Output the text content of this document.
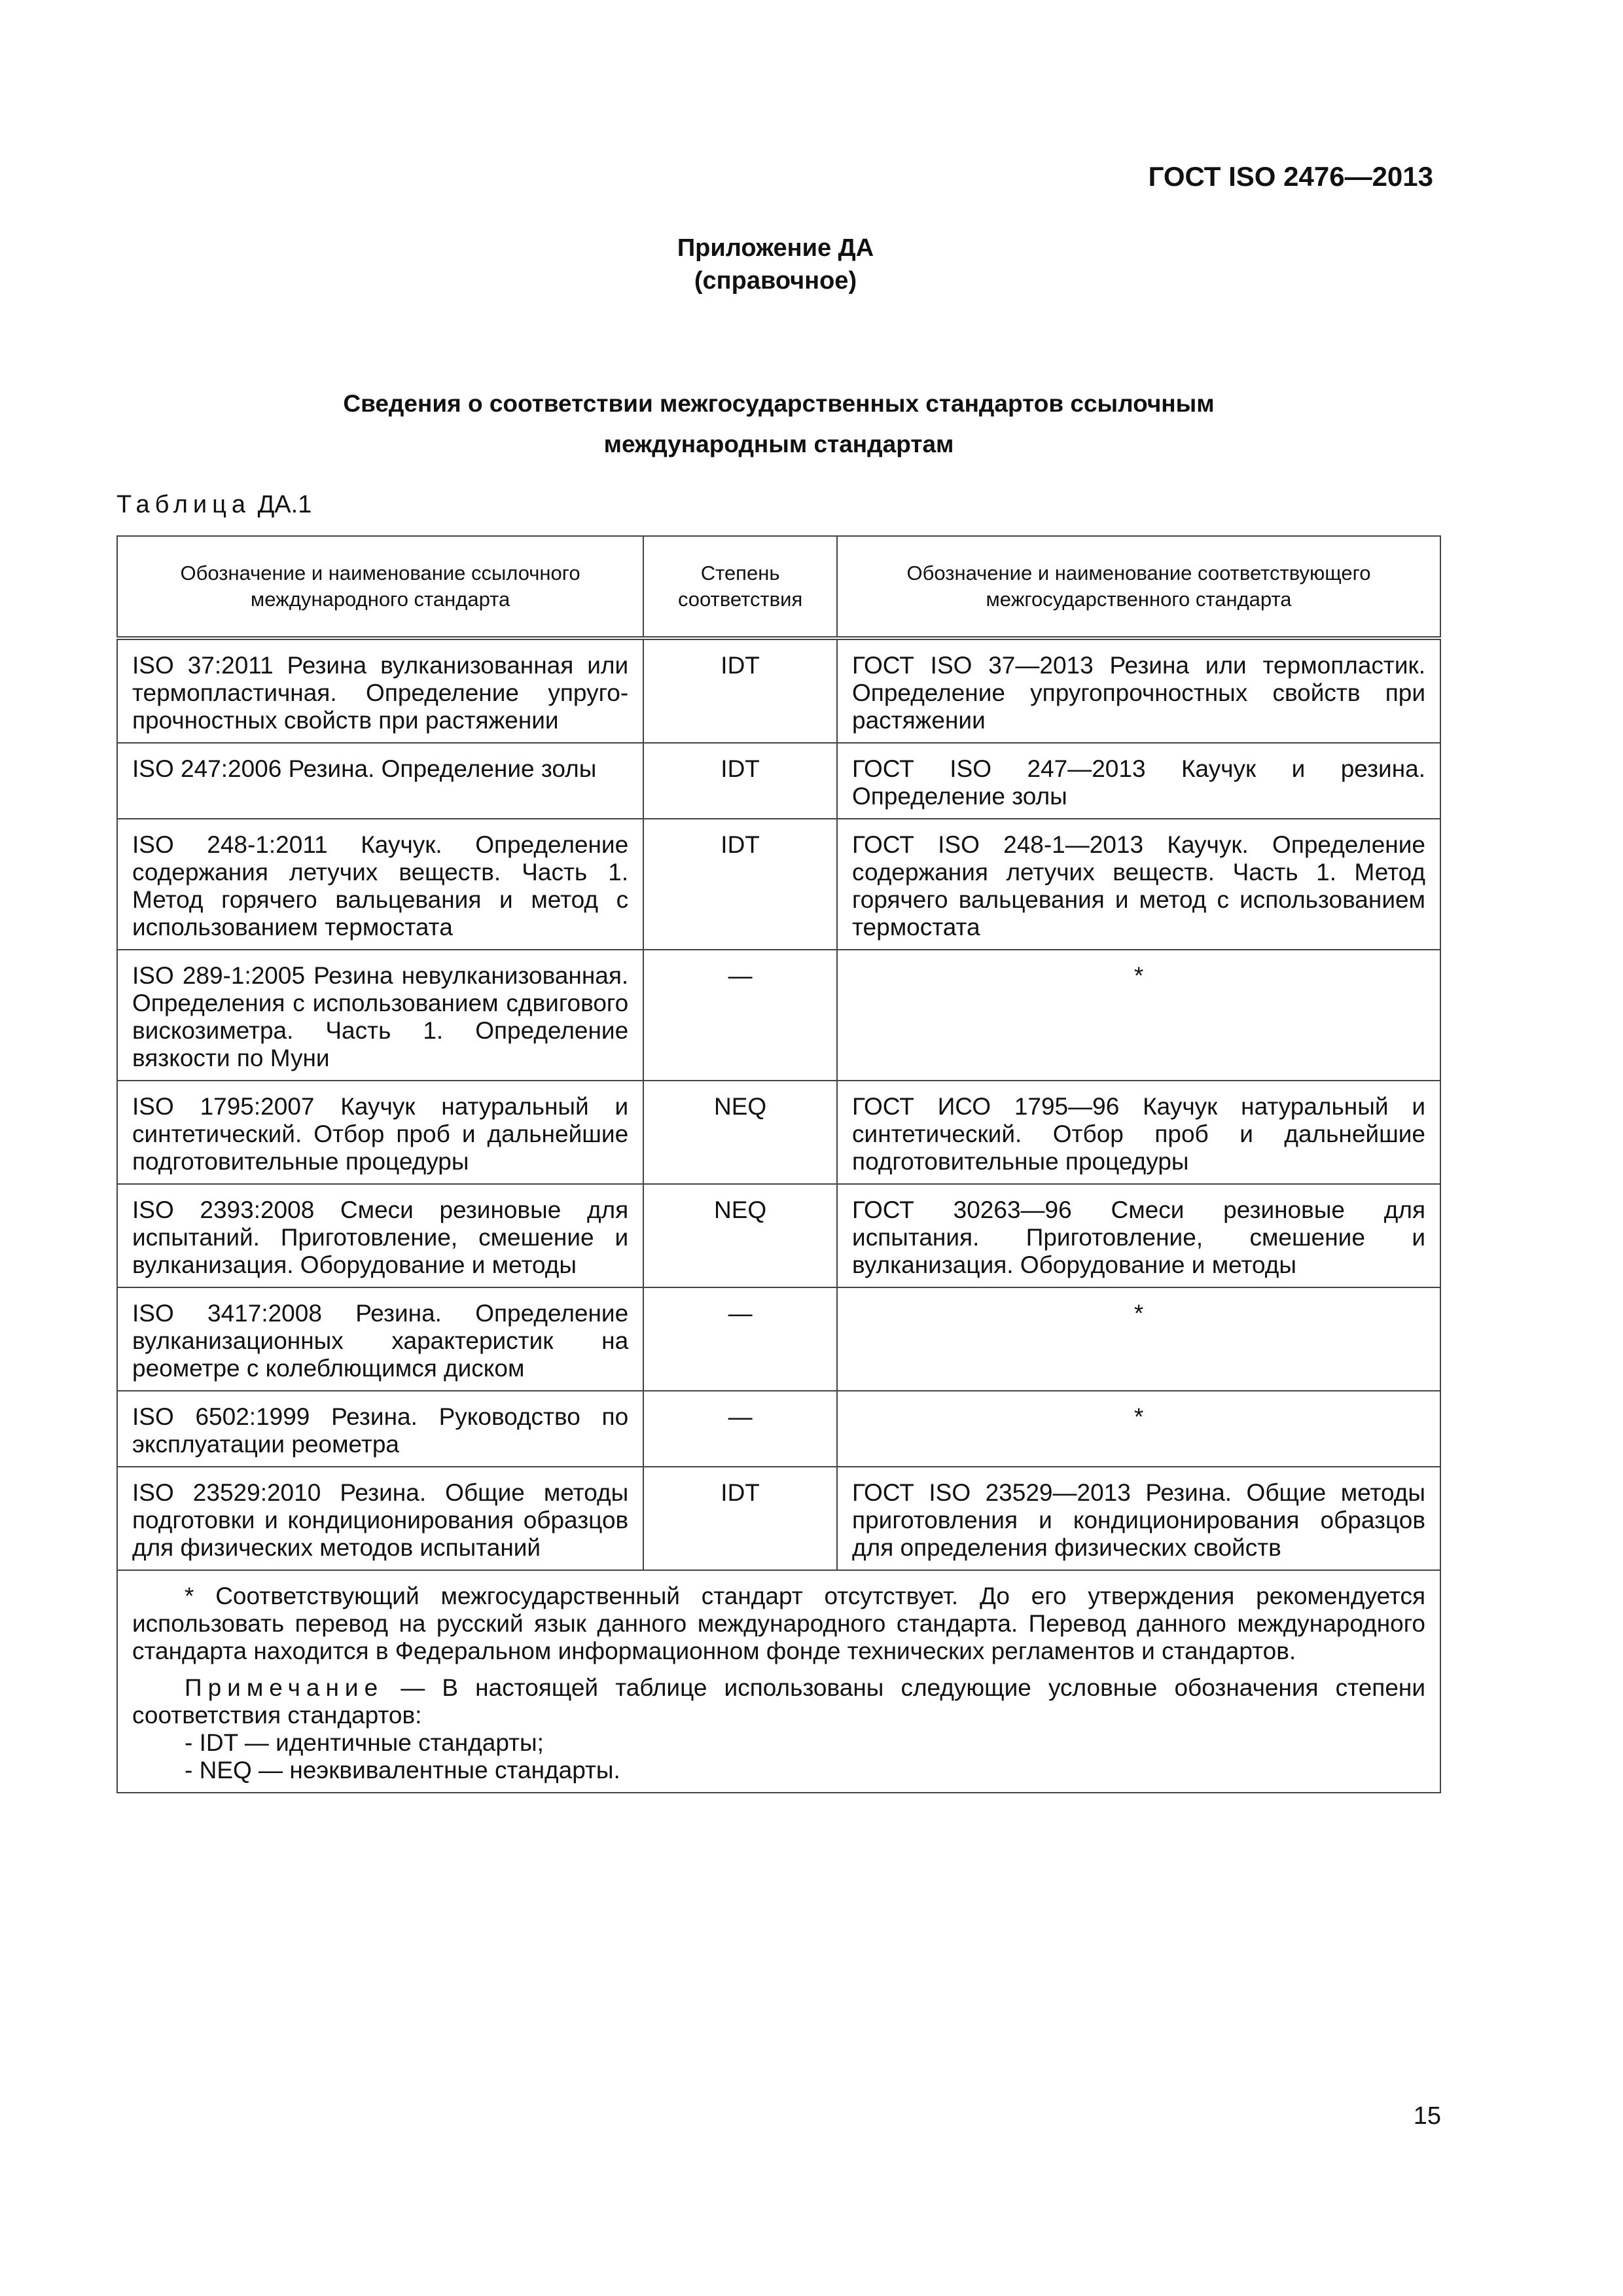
ГОСТ ISO 2476—2013
Приложение ДА
(справочное)
Сведения о соответствии межгосударственных стандартов ссылочным
международным стандартам
Таблица ДА.1
Обозначение и наименование ссылочного международного стандарта	Степень соответствия	Обозначение и наименование соответствующего межгосударственного стандарта
ISO 37:2011 Резина вулканизованная или термопластичная. Определение упруго-прочностных свойств при растяжении	IDT	ГОСТ ISO 37—2013 Резина или термопластик. Определение упругопрочностных свойств при растяжении
ISO 247:2006 Резина. Определение золы	IDT	ГОСТ ISO 247—2013 Каучук и резина. Определение золы
ISO 248-1:2011 Каучук. Определение содержания летучих веществ. Часть 1. Метод горячего вальцевания и метод с использованием термостата	IDT	ГОСТ ISO 248-1—2013 Каучук. Определение содержания летучих веществ. Часть 1. Метод горячего вальцевания и метод с использованием термостата
ISO 289-1:2005 Резина невулканизованная. Определения с использованием сдвигового вискозиметра. Часть 1. Определение вязкости по Муни	—	*
ISO 1795:2007 Каучук натуральный и синтетический. Отбор проб и дальнейшие подготовительные процедуры	NEQ	ГОСТ ИСО 1795—96 Каучук натуральный и синтетический. Отбор проб и дальнейшие подготовительные процедуры
ISO 2393:2008 Смеси резиновые для испытаний. Приготовление, смешение и вулканизация. Оборудование и методы	NEQ	ГОСТ 30263—96 Смеси резиновые для испытания. Приготовление, смешение и вулканизация. Оборудование и методы
ISO 3417:2008 Резина. Определение вулканизационных характеристик на реометре с колеблющимся диском	—	*
ISO 6502:1999 Резина. Руководство по эксплуатации реометра	—	*
ISO 23529:2010 Резина. Общие методы подготовки и кондиционирования образцов для физических методов испытаний	IDT	ГОСТ ISO 23529—2013 Резина. Общие методы приготовления и кондиционирования образцов для определения физических свойств

* Соответствующий межгосударственный стандарт отсутствует. До его утверждения рекомендуется использовать перевод на русский язык данного международного стандарта. Перевод данного международного стандарта находится в Федеральном информационном фонде технических регламентов и стандартов.

Примечание — В настоящей таблице использованы следующие условные обозначения степени соответствия стандартов:

- IDT — идентичные стандарты;

- NEQ — неэквивалентные стандарты.		

15
